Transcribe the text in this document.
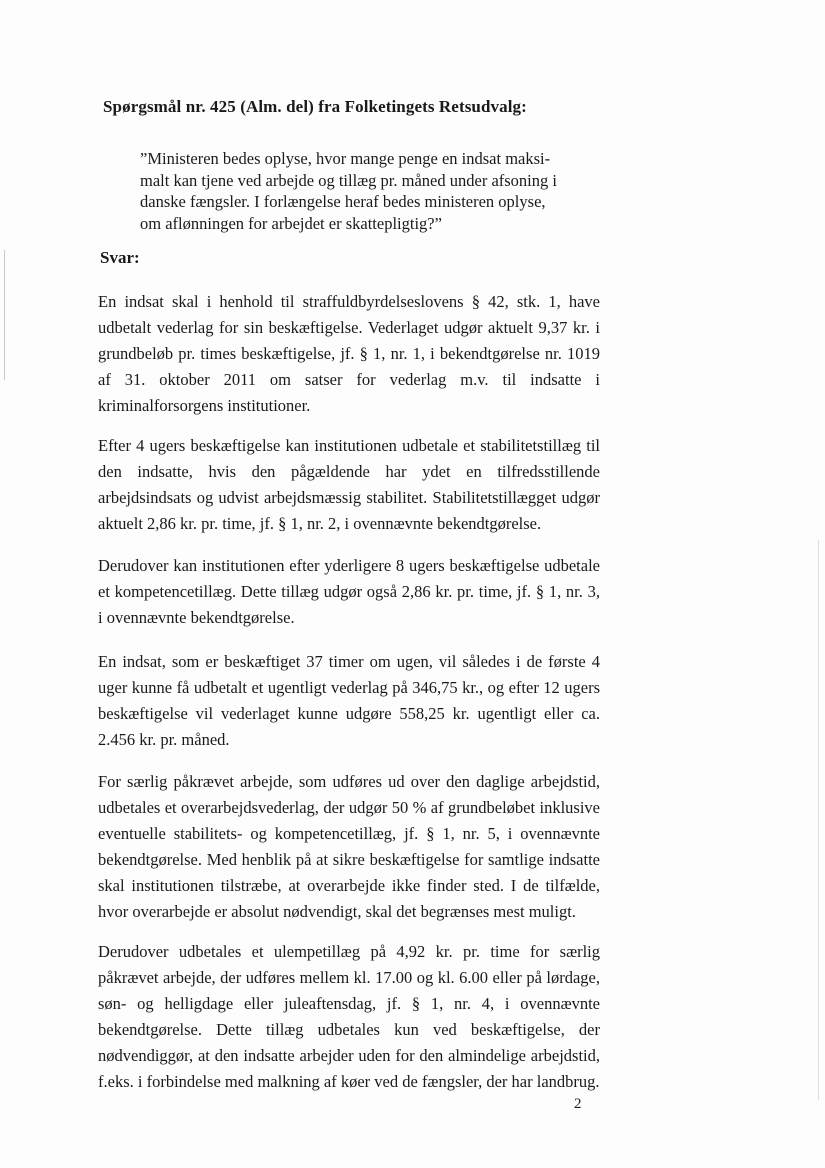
Spørgsmål nr. 425 (Alm. del) fra Folketingets Retsudvalg:

”Ministeren bedes oplyse, hvor mange penge en indsat maksi-
malt kan tjene ved arbejde og tillæg pr. måned under afsoning i
danske fængsler. I forlængelse heraf bedes ministeren oplyse,
om aflønningen for arbejdet er skattepligtig?”

Svar:

En indsat skal i henhold til straffuldbyrdelseslovens § 42, stk. 1, have udbetalt vederlag for sin beskæftigelse. Vederlaget udgør aktuelt 9,37 kr. i grundbeløb pr. times beskæftigelse, jf. § 1, nr. 1, i bekendtgørelse nr. 1019 af 31. oktober 2011 om satser for vederlag m.v. til indsatte i kriminalforsorgens institutioner.

Efter 4 ugers beskæftigelse kan institutionen udbetale et stabilitetstillæg til den indsatte, hvis den pågældende har ydet en tilfredsstillende arbejdsindsats og udvist arbejdsmæssig stabilitet. Stabilitetstillægget udgør aktuelt 2,86 kr. pr. time, jf. § 1, nr. 2, i ovennævnte bekendtgørelse.

Derudover kan institutionen efter yderligere 8 ugers beskæftigelse udbetale et kompetencetillæg. Dette tillæg udgør også 2,86 kr. pr. time, jf. § 1, nr. 3, i ovennævnte bekendtgørelse.

En indsat, som er beskæftiget 37 timer om ugen, vil således i de første 4 uger kunne få udbetalt et ugentligt vederlag på 346,75 kr., og efter 12 ugers beskæftigelse vil vederlaget kunne udgøre 558,25 kr. ugentligt eller ca. 2.456 kr. pr. måned.

For særlig påkrævet arbejde, som udføres ud over den daglige arbejdstid, udbetales et overarbejdsvederlag, der udgør 50 % af grundbeløbet inklusive eventuelle stabilitets- og kompetencetillæg, jf. § 1, nr. 5, i ovennævnte bekendtgørelse. Med henblik på at sikre beskæftigelse for samtlige indsatte skal institutionen tilstræbe, at overarbejde ikke finder sted. I de tilfælde, hvor overarbejde er absolut nødvendigt, skal det begrænses mest muligt.

Derudover udbetales et ulempetillæg på 4,92 kr. pr. time for særlig påkrævet arbejde, der udføres mellem kl. 17.00 og kl. 6.00 eller på lørdage, søn- og helligdage eller juleaftensdag, jf. § 1, nr. 4, i ovennævnte bekendtgørelse. Dette tillæg udbetales kun ved beskæftigelse, der nødvendiggør, at den indsatte arbejder uden for den almindelige arbejdstid, f.eks. i forbindelse med malkning af køer ved de fængsler, der har landbrug.

2
